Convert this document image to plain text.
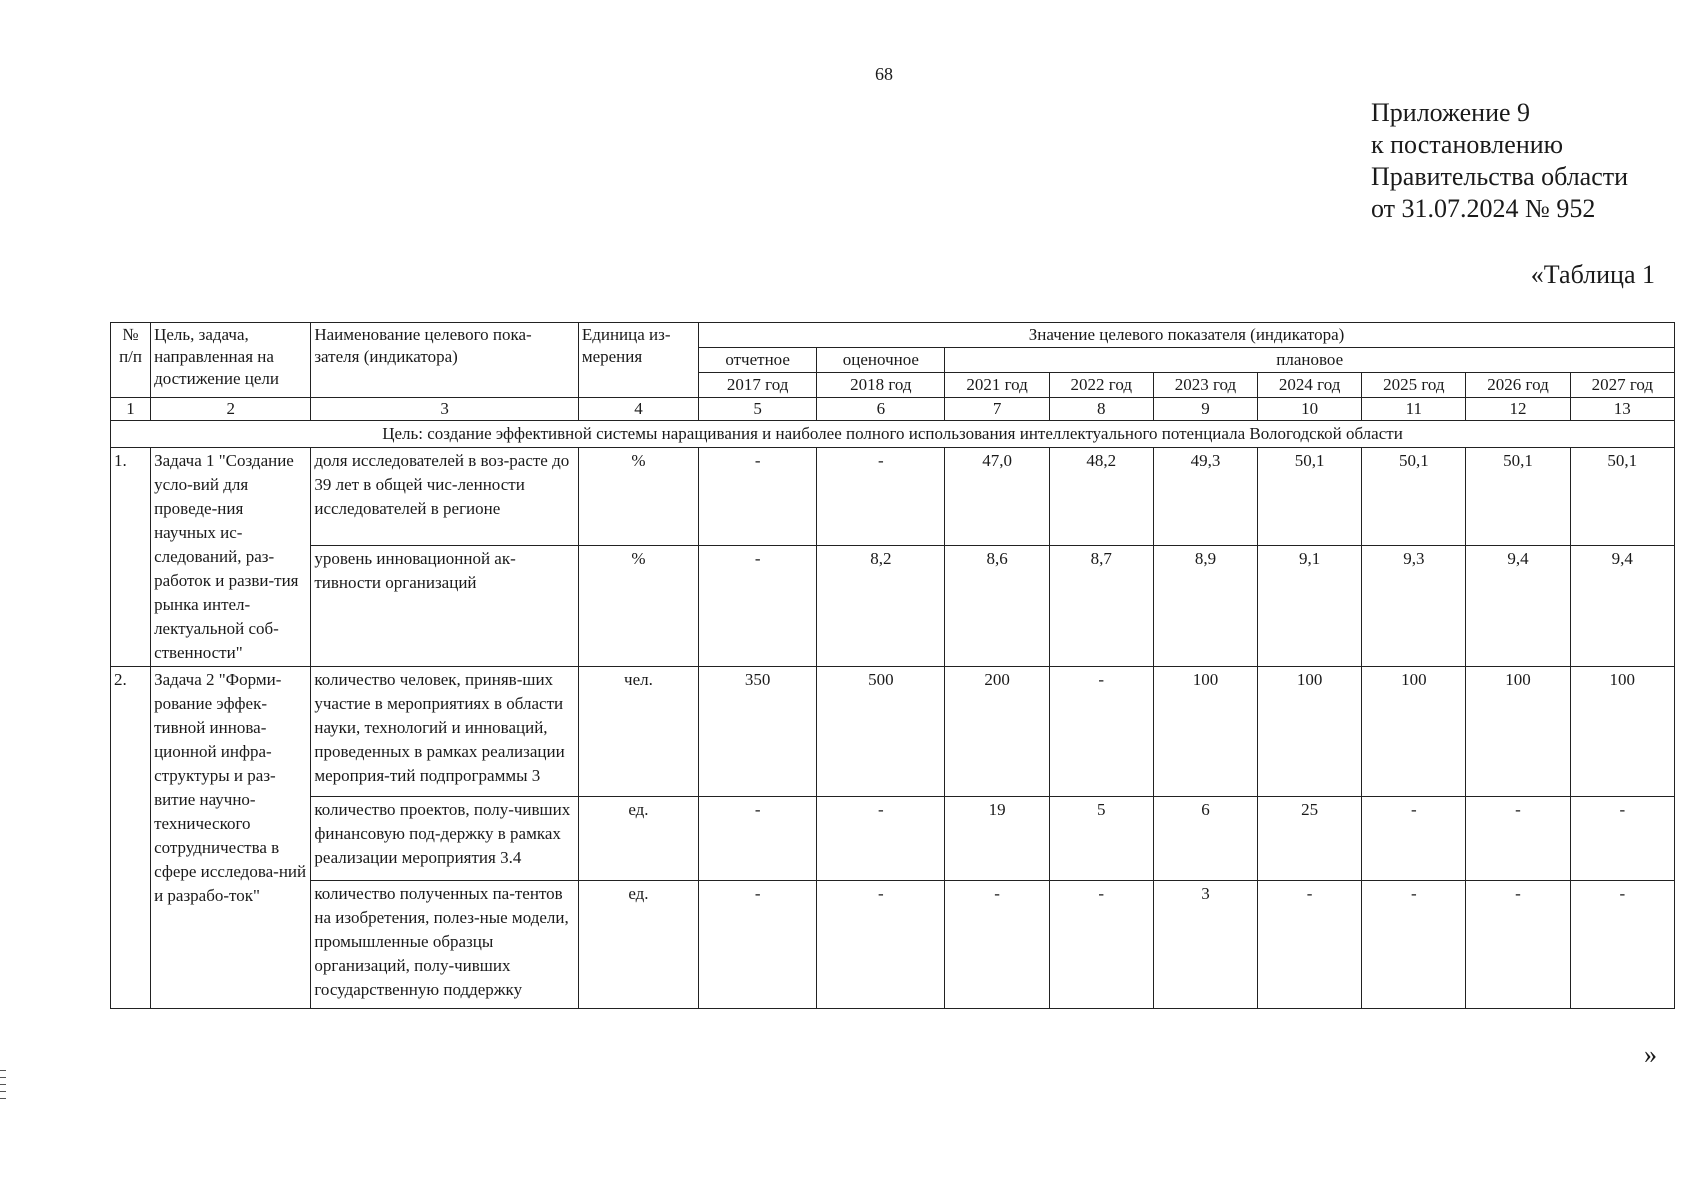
68
Приложение 9
к постановлению
Правительства области
от 31.07.2024 № 952
«Таблица 1
№ п/п	Цель, задача, направленная на достижение цели	Наименование целевого пока-зателя (индикатора)	Единица из-мерения	Значение целевого показателя (индикатора)								
				отчетное	оценочное	плановое						
				2017 год	2018 год	2021 год	2022 год	2023 год	2024 год	2025 год	2026 год	2027 год
1	2	3	4	5	6	7	8	9	10	11	12	13
Цель: создание эффективной системы наращивания и наиболее полного использования интеллектуального потенциала Вологодской области												
1.	Задача 1 "Создание усло-вий для проведе-ния научных ис-следований, раз-работок и разви-тия рынка интел-лектуальной соб-ственности"	доля исследователей в воз-расте до 39 лет в общей чис-ленности исследователей в регионе	%	-	-	47,0	48,2	49,3	50,1	50,1	50,1	50,1
		уровень инновационной ак-тивности организаций	%	-	8,2	8,6	8,7	8,9	9,1	9,3	9,4	9,4
2.	Задача 2 "Форми-рование эффек-тивной иннова-ционной инфра-структуры и раз-витие научно-технического сотрудничества в сфере исследова-ний и разрабо-ток"	количество человек, приняв-ших участие в мероприятиях в области науки, технологий и инноваций, проведенных в рамках реализации мероприя-тий подпрограммы 3	чел.	350	500	200	-	100	100	100	100	100
		количество проектов, полу-чивших финансовую под-держку в рамках реализации мероприятия 3.4	ед.	-	-	19	5	6	25	-	-	-
		количество полученных па-тентов на изобретения, полез-ные модели, промышленные образцы организаций, полу-чивших государственную поддержку	ед.	-	-	-	-	3	-	-	-	-
»
